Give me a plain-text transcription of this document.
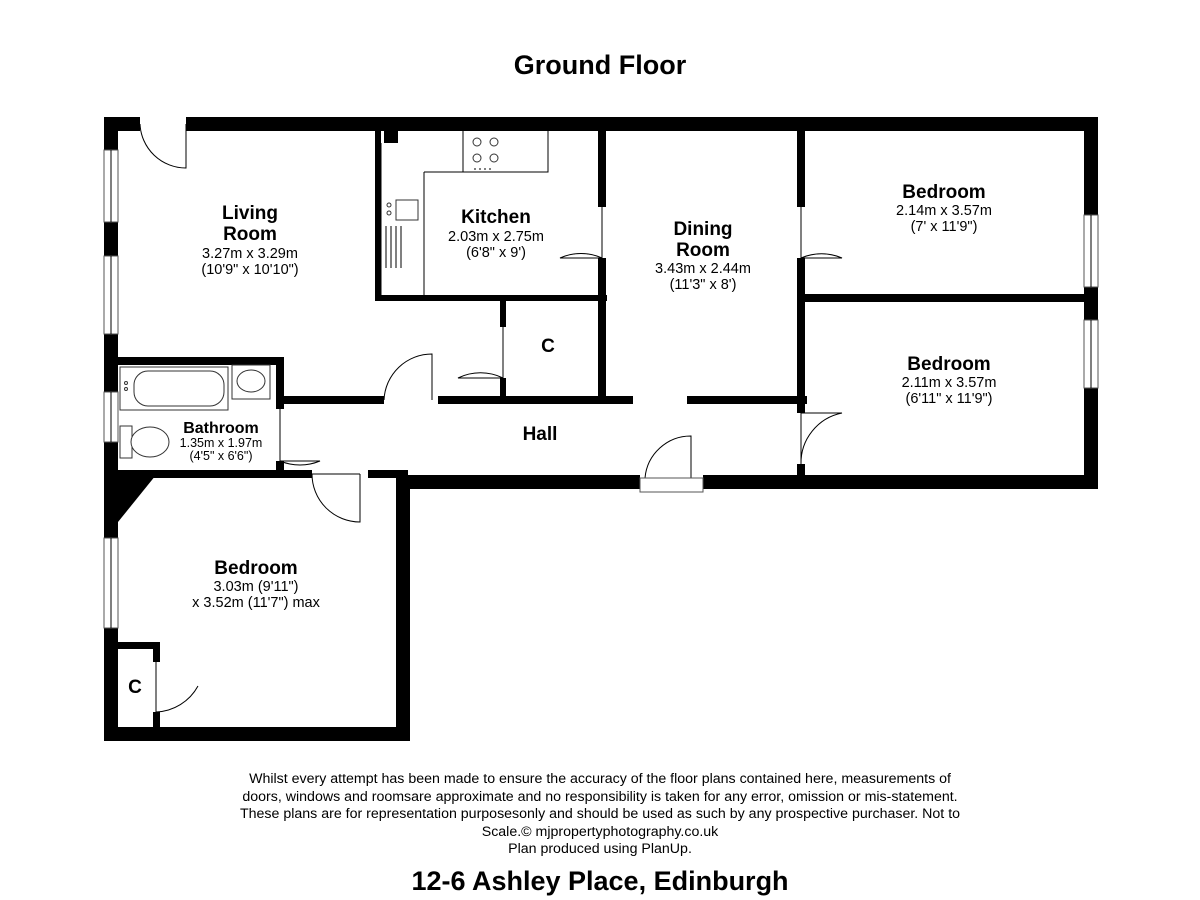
Ground Floor
Living
Room
3.27m x 3.29m
(10'9" x 10'10")
Kitchen
2.03m x 2.75m
(6'8" x 9')
Dining
Room
3.43m x 2.44m
(11'3" x 8')
Bedroom
2.14m x 3.57m
(7' x 11'9")
Bedroom
2.11m x 3.57m
(6'11" x 11'9")
Bathroom
1.35m x 1.97m
(4'5" x 6'6")
Hall
C
C
Bedroom
3.03m (9'11")
x 3.52m (11'7") max
Whilst every attempt has been made to ensure the accuracy of the floor plans contained here, measurements of
doors, windows and roomsare approximate and no responsibility is taken for any error, omission or mis-statement.
These plans are for representation purposesonly and should be used as such by any prospective purchaser. Not to
Scale.© mjpropertyphotography.co.uk
Plan produced using PlanUp.
12-6 Ashley Place, Edinburgh
